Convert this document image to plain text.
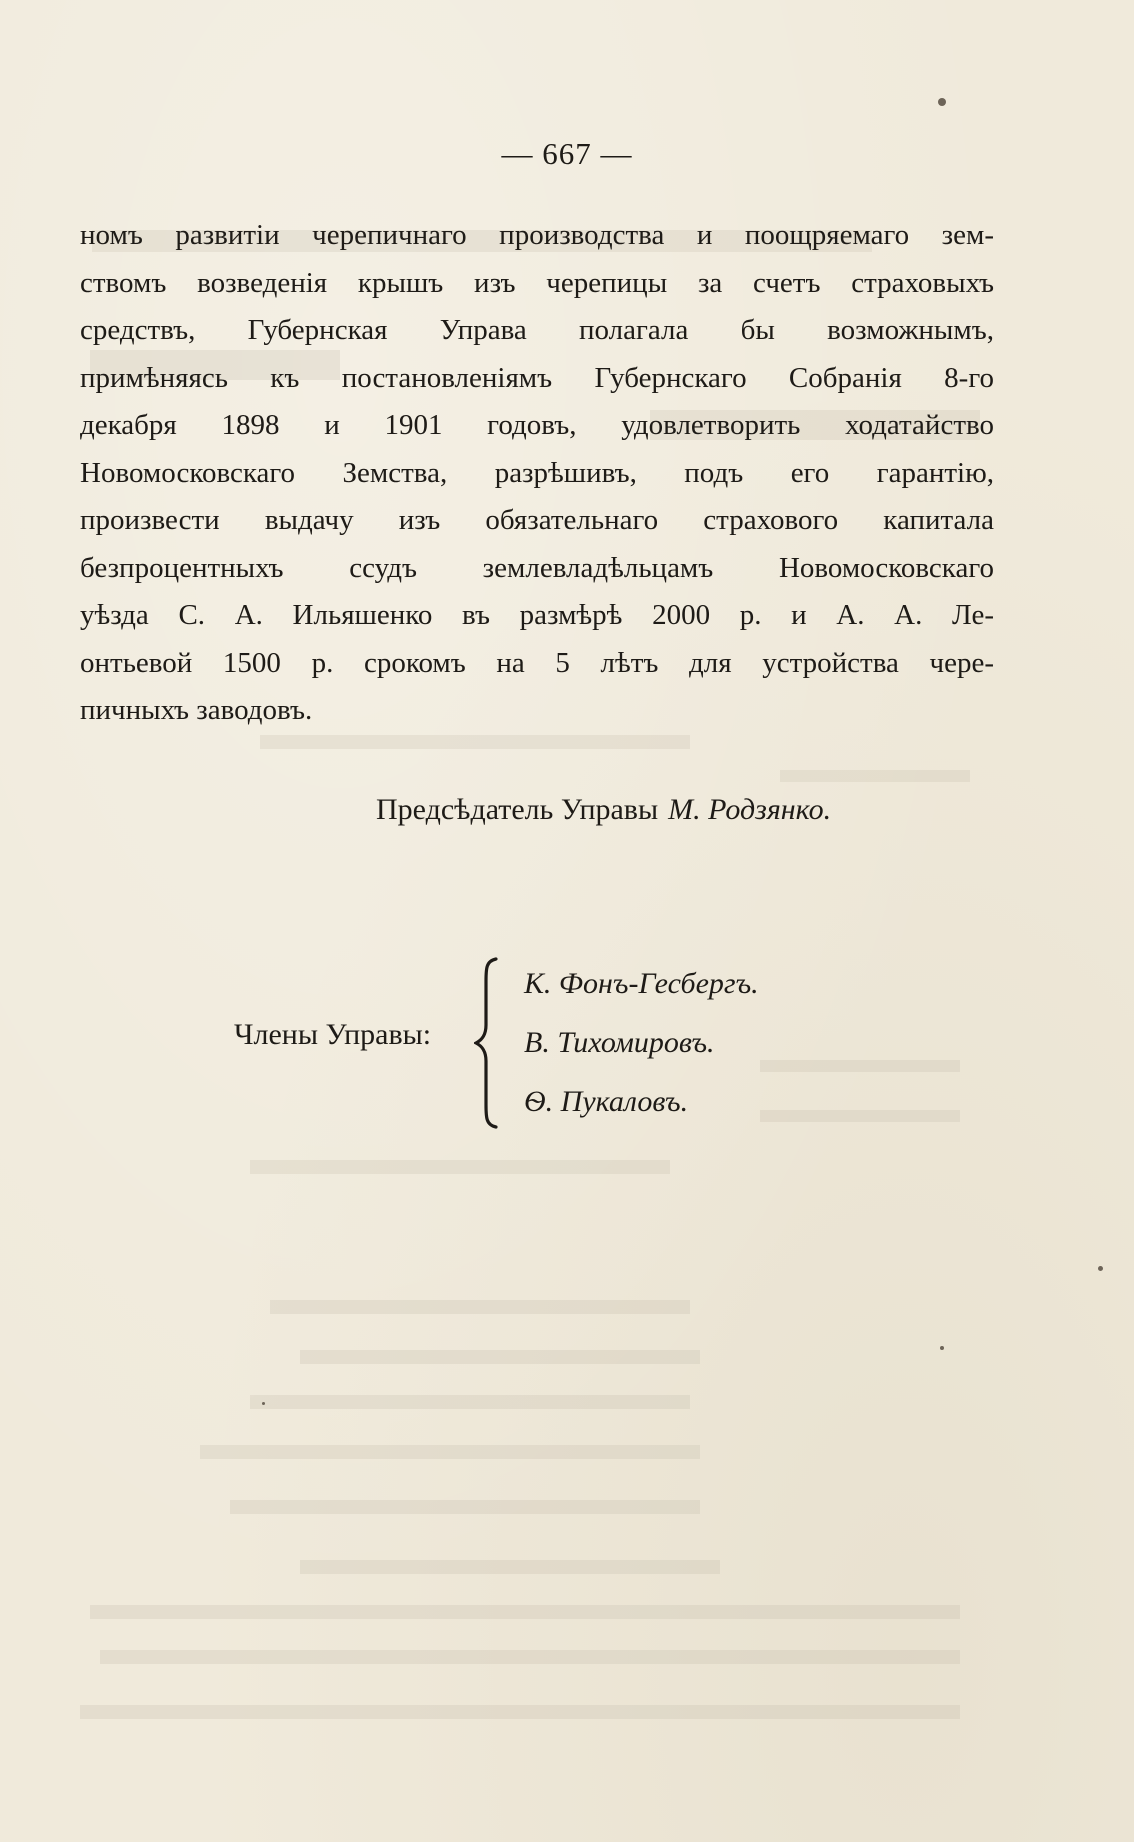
— 667 —
номъ развитіи черепичнаго производства и поощряемаго зем-
ствомъ возведенія крышъ изъ черепицы за счетъ страховыхъ
средствъ, Губернская Управа полагала бы возможнымъ,
примѣняясь къ постановленіямъ Губернскаго Собранія 8-го
декабря 1898 и 1901 годовъ, удовлетворить ходатайство
Новомосковскаго Земства, разрѣшивъ, подъ его гарантію,
произвести выдачу изъ обязательнаго страхового капитала
безпроцентныхъ ссудъ землевладѣльцамъ Новомосковскаго
уѣзда С. А. Ильяшенко въ размѣрѣ 2000 р. и А. А. Ле-
онтьевой 1500 р. срокомъ на 5 лѣтъ для устройства чере-
пичныхъ заводовъ.
Предсѣдатель Управы М. Родзянко.
Члены Управы:
К. Фонъ-Гесбергъ.
В. Тихомировъ.
Ѳ. Пукаловъ.
